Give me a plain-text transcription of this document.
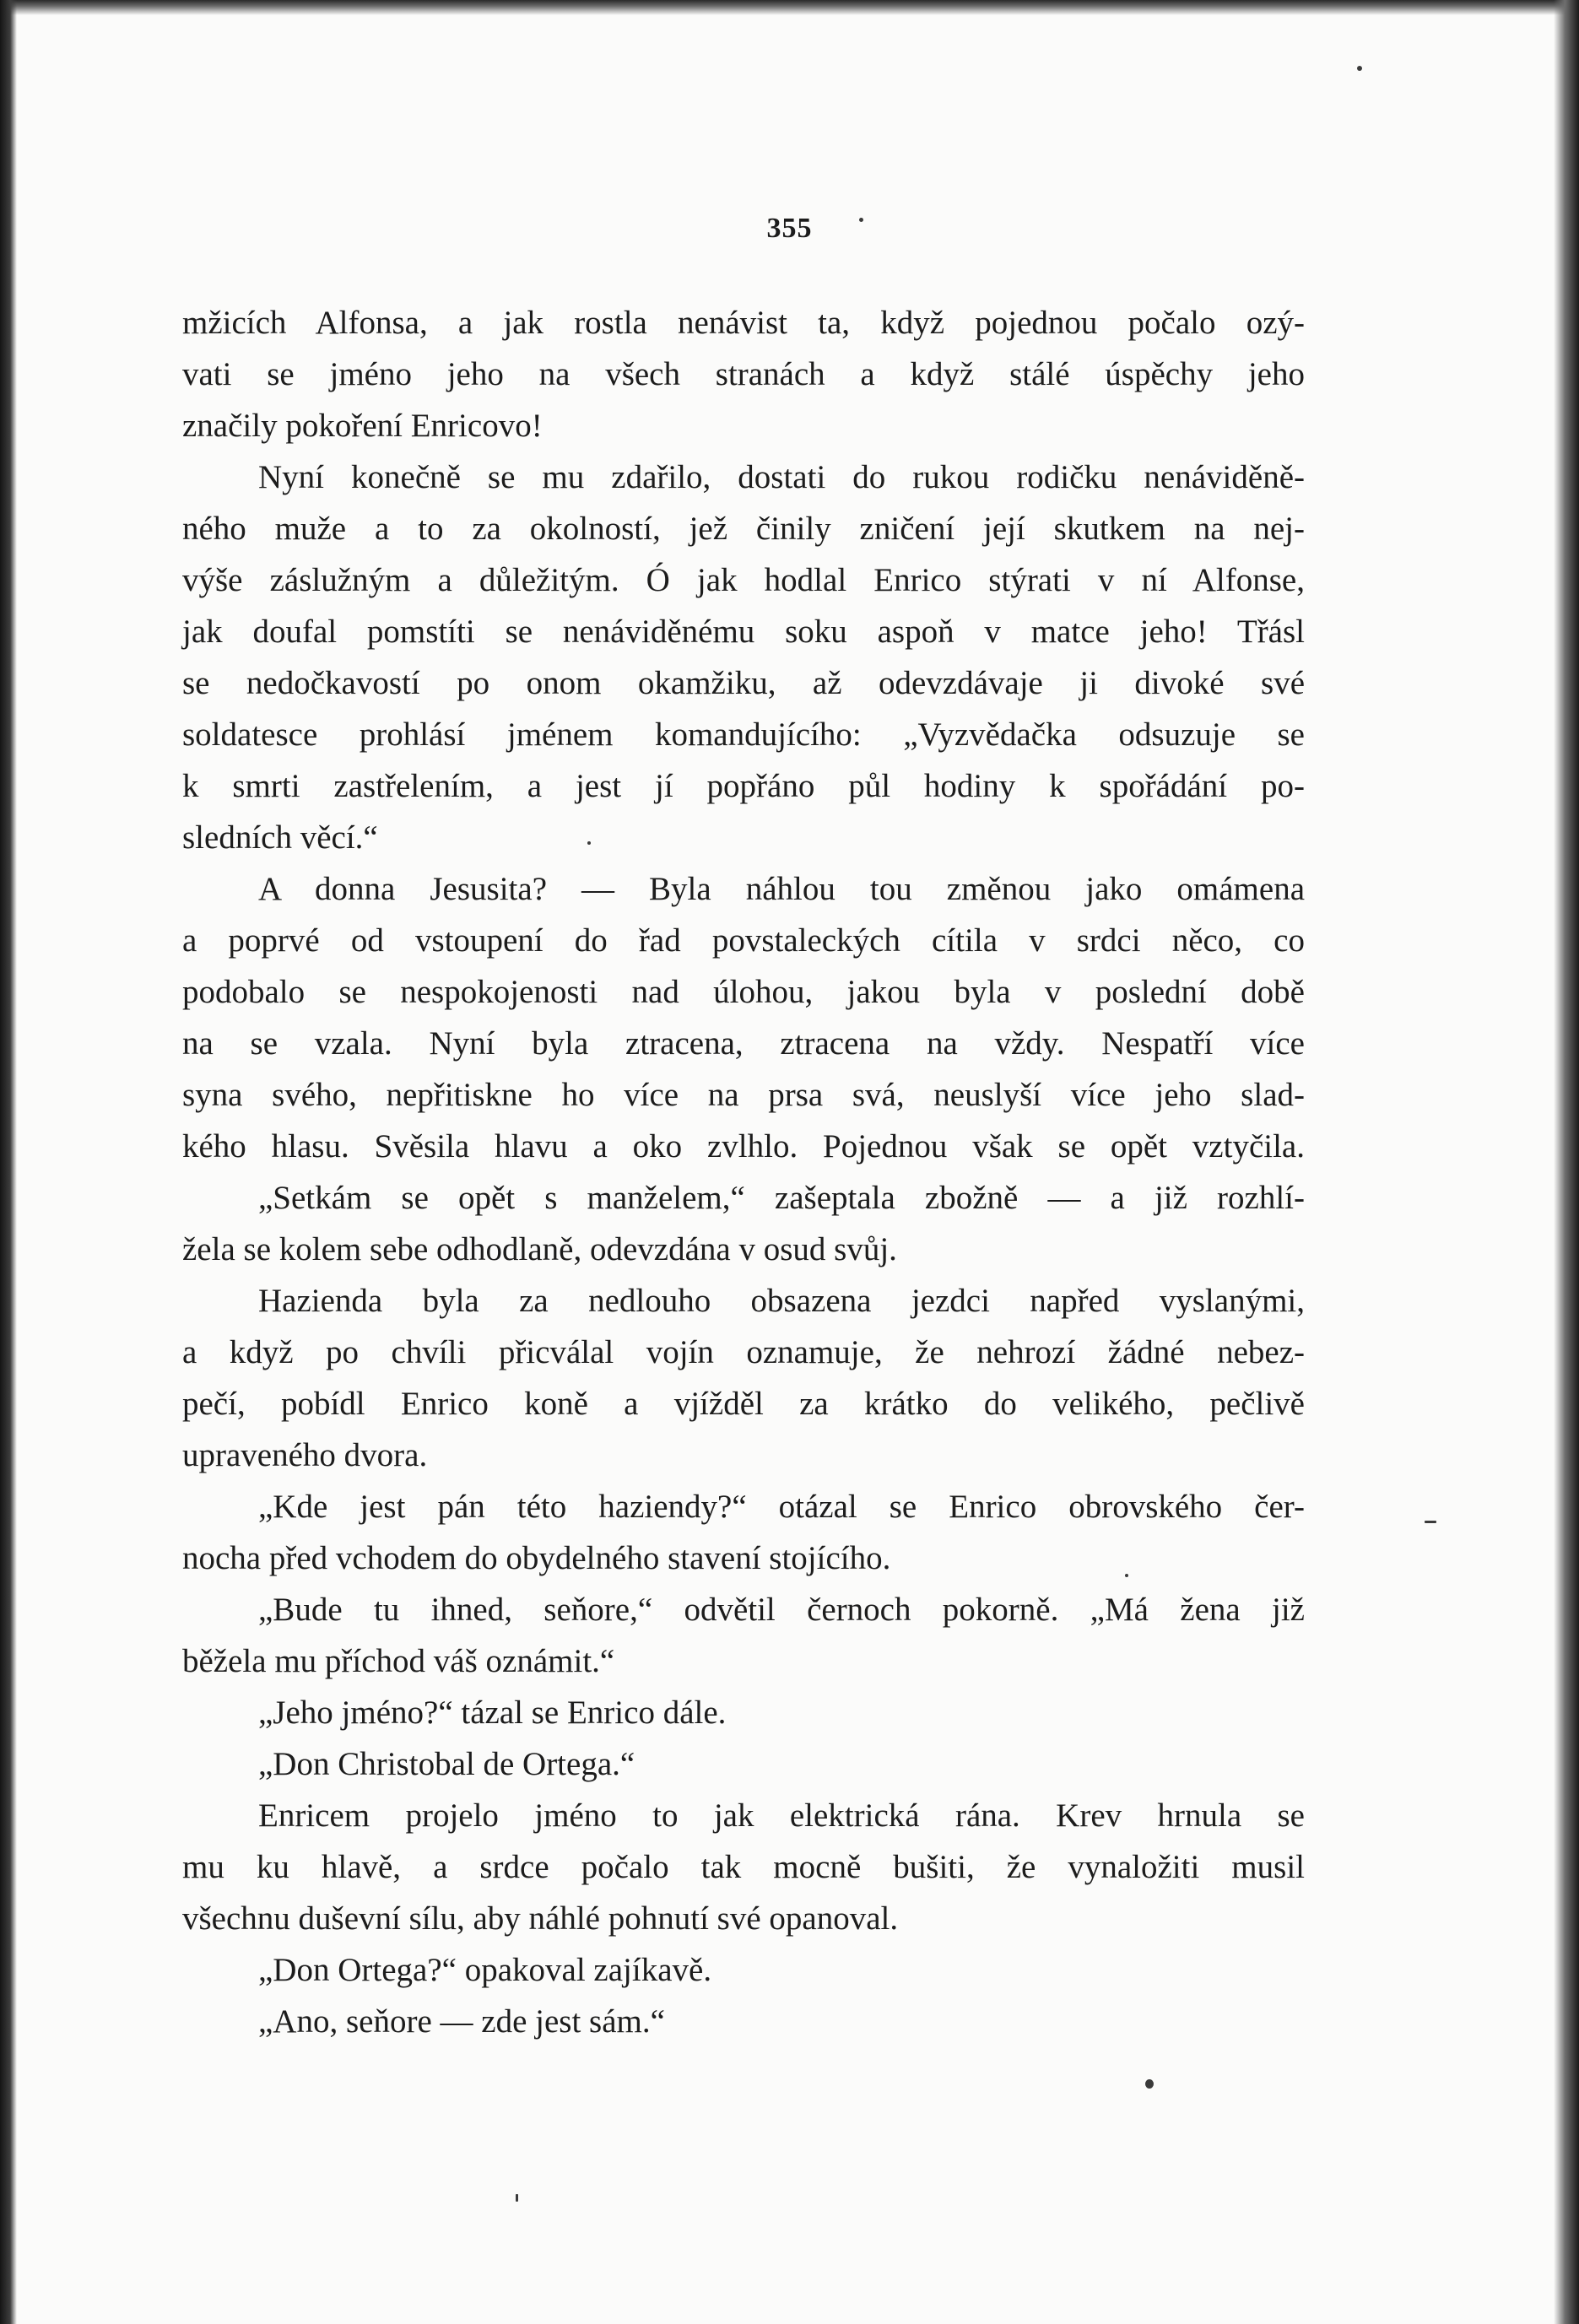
355
mžicích Alfonsa, a jak rostla nenávist ta, když pojednou počalo ozý-
vati se jméno jeho na všech stranách a když stálé úspěchy jeho
značily pokoření Enricovo!
Nyní konečně se mu zdařilo, dostati do rukou rodičku nenáviděně-
ného muže a to za okolností, jež činily zničení její skutkem na nej-
výše záslužným a důležitým. Ó jak hodlal Enrico stýrati v ní Alfonse,
jak doufal pomstíti se nenáviděnému soku aspoň v matce jeho! Třásl
se nedočkavostí po onom okamžiku, až odevzdávaje ji divoké své
soldatesce prohlásí jménem komandujícího: „Vyzvědačka odsuzuje se
k smrti zastřelením, a jest jí popřáno půl hodiny k spořádání po-
sledních věcí.“
A donna Jesusita? — Byla náhlou tou změnou jako omámena
a poprvé od vstoupení do řad povstaleckých cítila v srdci něco, co
podobalo se nespokojenosti nad úlohou, jakou byla v poslední době
na se vzala. Nyní byla ztracena, ztracena na vždy. Nespatří více
syna svého, nepřitiskne ho více na prsa svá, neuslyší více jeho slad-
kého hlasu. Svěsila hlavu a oko zvlhlo. Pojednou však se opět vztyčila.
„Setkám se opět s manželem,“ zašeptala zbožně — a již rozhlí-
žela se kolem sebe odhodlaně, odevzdána v osud svůj.
Hazienda byla za nedlouho obsazena jezdci napřed vyslanými,
a když po chvíli přicválal vojín oznamuje, že nehrozí žádné nebez-
pečí, pobídl Enrico koně a vjížděl za krátko do velikého, pečlivě
upraveného dvora.
„Kde jest pán této haziendy?“ otázal se Enrico obrovského čer-
nocha před vchodem do obydelného stavení stojícího.
„Bude tu ihned, seňore,“ odvětil černoch pokorně. „Má žena již
běžela mu příchod váš oznámit.“
„Jeho jméno?“ tázal se Enrico dále.
„Don Christobal de Ortega.“
Enricem projelo jméno to jak elektrická rána. Krev hrnula se
mu ku hlavě, a srdce počalo tak mocně bušiti, že vynaložiti musil
všechnu duševní sílu, aby náhlé pohnutí své opanoval.
„Don Ortega?“ opakoval zajíkavě.
„Ano, seňore — zde jest sám.“
